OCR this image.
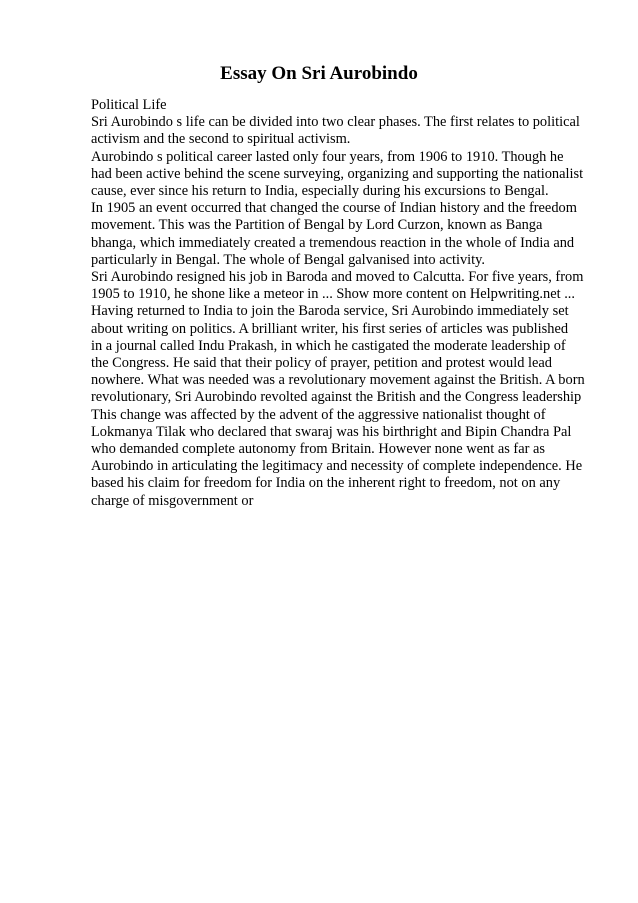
Essay On Sri Aurobindo
Political Life
Sri Aurobindo s life can be divided into two clear phases. The first relates to political
activism and the second to spiritual activism.
Aurobindo s political career lasted only four years, from 1906 to 1910. Though he
had been active behind the scene surveying, organizing and supporting the nationalist
cause, ever since his return to India, especially during his excursions to Bengal.
In 1905 an event occurred that changed the course of Indian history and the freedom
movement. This was the Partition of Bengal by Lord Curzon, known as Banga
bhanga, which immediately created a tremendous reaction in the whole of India and
particularly in Bengal. The whole of Bengal galvanised into activity.
Sri Aurobindo resigned his job in Baroda and moved to Calcutta. For five years, from
1905 to 1910, he shone like a meteor in ... Show more content on Helpwriting.net ...
Having returned to India to join the Baroda service, Sri Aurobindo immediately set
about writing on politics. A brilliant writer, his first series of articles was published
in a journal called Indu Prakash, in which he castigated the moderate leadership of
the Congress. He said that their policy of prayer, petition and protest would lead
nowhere. What was needed was a revolutionary movement against the British. A born
revolutionary, Sri Aurobindo revolted against the British and the Congress leadership
This change was affected by the advent of the aggressive nationalist thought of
Lokmanya Tilak who declared that swaraj was his birthright and Bipin Chandra Pal
who demanded complete autonomy from Britain. However none went as far as
Aurobindo in articulating the legitimacy and necessity of complete independence. He
based his claim for freedom for India on the inherent right to freedom, not on any
charge of misgovernment or
